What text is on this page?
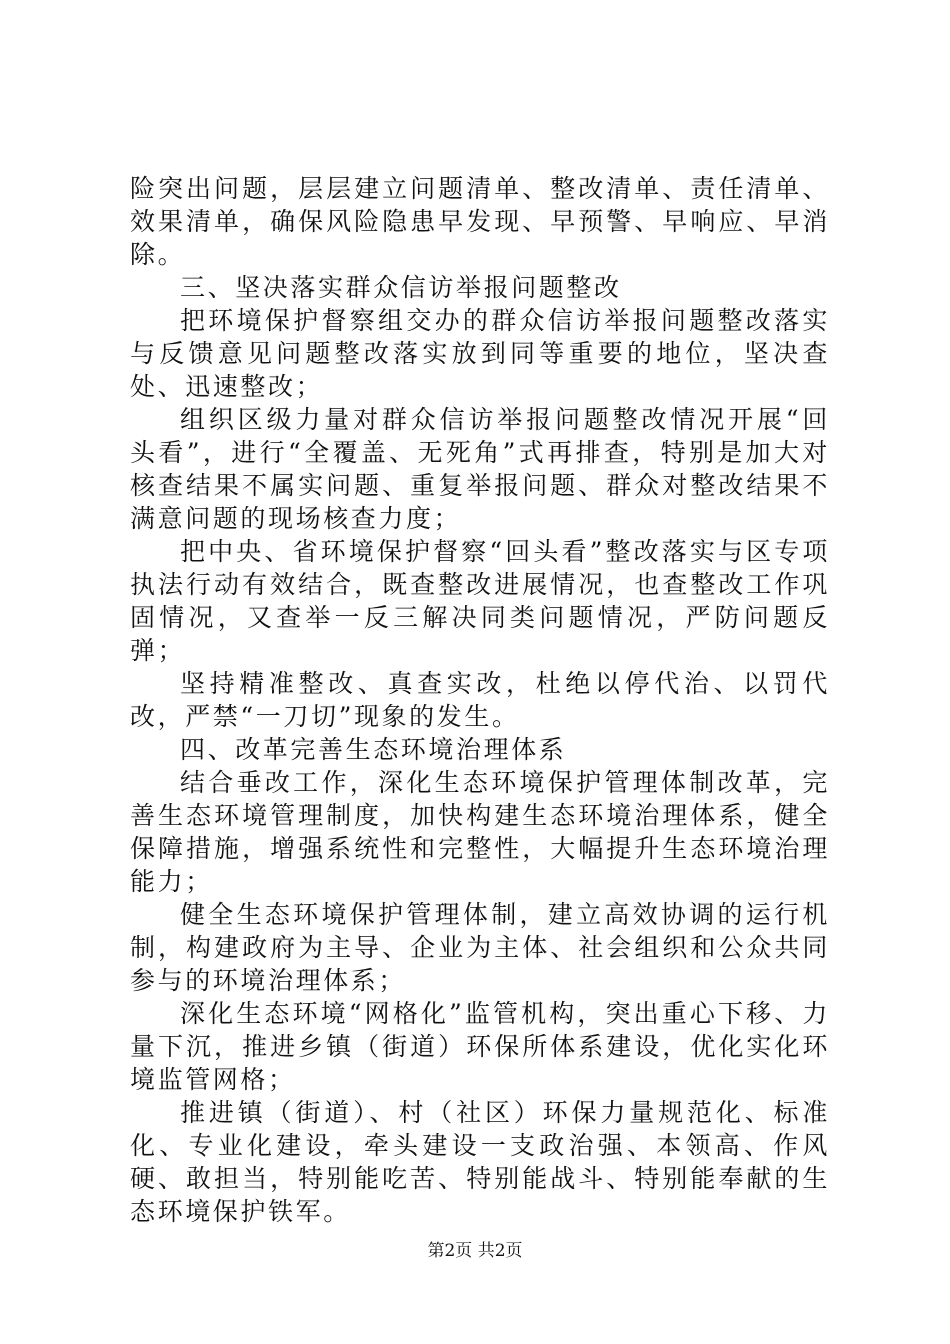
险突出问题，层层建立问题清单、整改清单、责任清单、效果清单，确保风险隐患早发现、早预警、早响应、早消除。

三、坚决落实群众信访举报问题整改

把环境保护督察组交办的群众信访举报问题整改落实与反馈意见问题整改落实放到同等重要的地位，坚决查处、迅速整改；

组织区级力量对群众信访举报问题整改情况开展“回头看”，进行“全覆盖、无死角”式再排查，特别是加大对核查结果不属实问题、重复举报问题、群众对整改结果不满意问题的现场核查力度；

把中央、省环境保护督察“回头看”整改落实与区专项执法行动有效结合，既查整改进展情况，也查整改工作巩固情况，又查举一反三解决同类问题情况，严防问题反弹；

坚持精准整改、真查实改，杜绝以停代治、以罚代改，严禁“一刀切”现象的发生。

四、改革完善生态环境治理体系

结合垂改工作，深化生态环境保护管理体制改革，完善生态环境管理制度，加快构建生态环境治理体系，健全保障措施，增强系统性和完整性，大幅提升生态环境治理能力；

健全生态环境保护管理体制，建立高效协调的运行机制，构建政府为主导、企业为主体、社会组织和公众共同参与的环境治理体系；

深化生态环境“网格化”监管机构，突出重心下移、力量下沉，推进乡镇（街道）环保所体系建设，优化实化环境监管网格；

推进镇（街道）、村（社区）环保力量规范化、标准化、专业化建设，牵头建设一支政治强、本领高、作风硬、敢担当，特别能吃苦、特别能战斗、特别能奉献的生态环境保护铁军。

第2页 共2页
